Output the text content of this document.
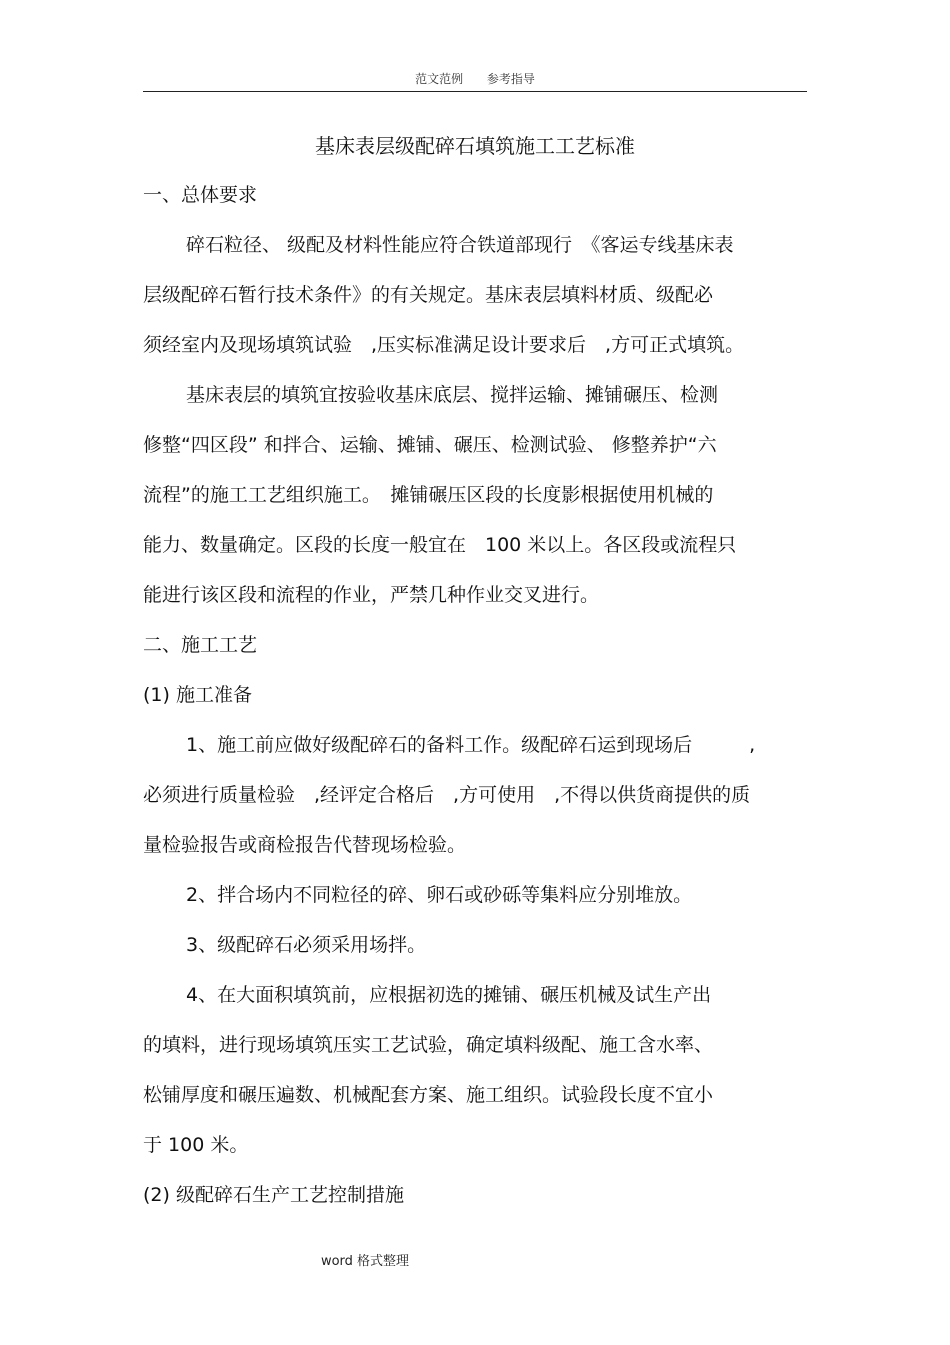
范文范例 参考指导
基床表层级配碎石填筑施工工艺标准
一、总体要求
碎石粒径、 级配及材料性能应符合铁道部现行　《客运专线基床表
层级配碎石暂行技术条件》的有关规定。基床表层填料材质、级配必
须经室内及现场填筑试验　,压实标准满足设计要求后　,方可正式填筑。
基床表层的填筑宜按验收基床底层、搅拌运输、摊铺碾压、检测
修整“四区段” 和拌合、运输、摊铺、碾压、检测试验、 修整养护“六
流程”的施工工艺组织施工。　摊铺碾压区段的长度影根据使用机械的
能力、数量确定。区段的长度一般宜在　100 米以上。各区段或流程只
能进行该区段和流程的作业，严禁几种作业交叉进行。
二、施工工艺
(1) 施工准备
1、施工前应做好级配碎石的备料工作。级配碎石运到现场后　　　,
必须进行质量检验　,经评定合格后　,方可使用　,不得以供货商提供的质
量检验报告或商检报告代替现场检验。
2、拌合场内不同粒径的碎、卵石或砂砾等集料应分别堆放。
3、级配碎石必须采用场拌。
4、在大面积填筑前，应根据初选的摊铺、碾压机械及试生产出
的填料，进行现场填筑压实工艺试验，确定填料级配、施工含水率、
松铺厚度和碾压遍数、机械配套方案、施工组织。试验段长度不宜小
于 100 米。
(2) 级配碎石生产工艺控制措施
word 格式整理
